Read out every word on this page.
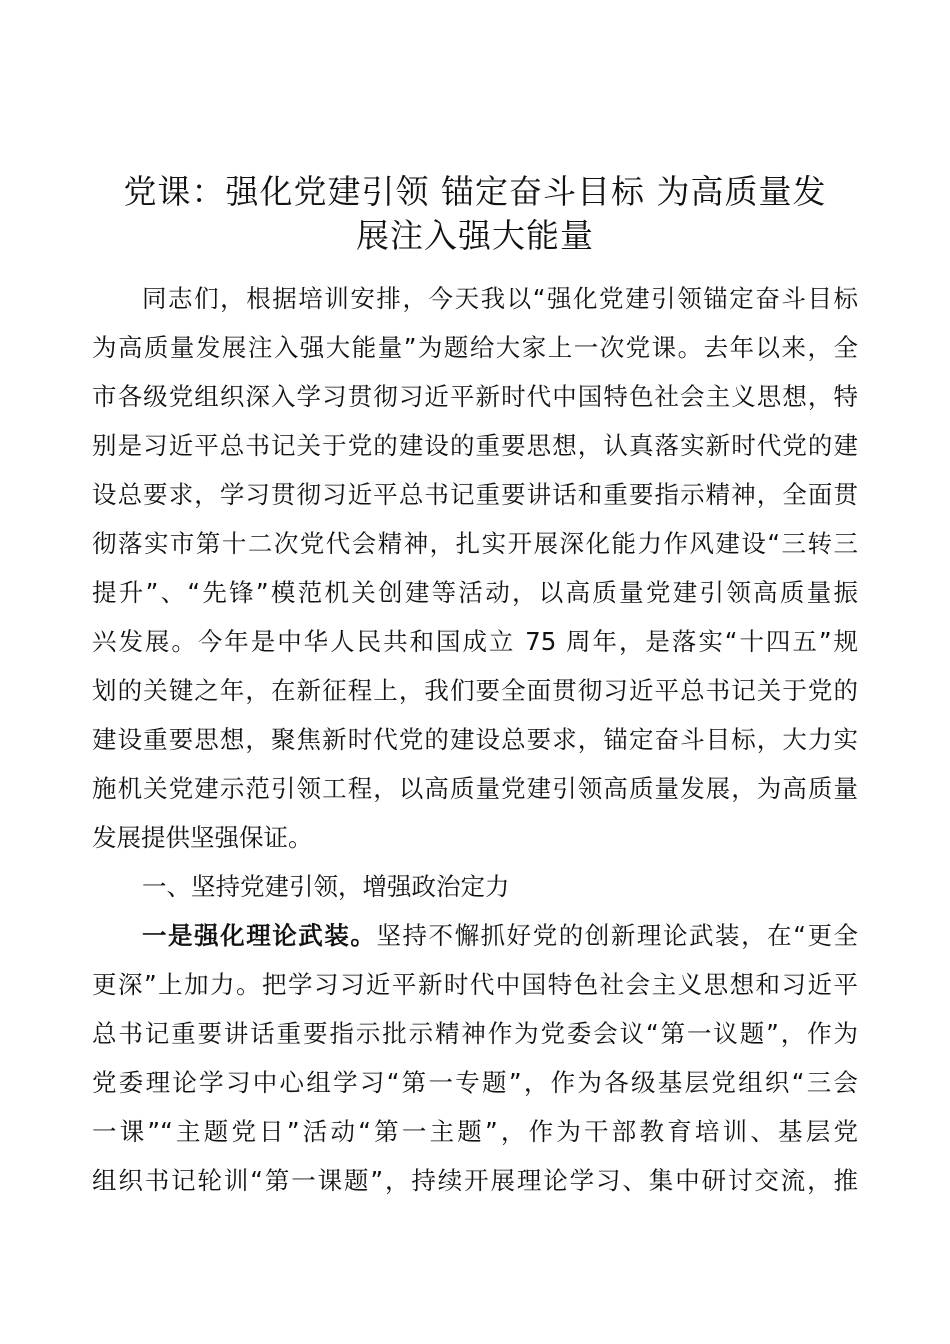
党课：强化党建引领 锚定奋斗目标 为高质量发
展注入强大能量
同志们，根据培训安排，今天我以“强化党建引领锚定奋斗目标
为高质量发展注入强大能量”为题给大家上一次党课。去年以来，全
市各级党组织深入学习贯彻习近平新时代中国特色社会主义思想，特
别是习近平总书记关于党的建设的重要思想，认真落实新时代党的建
设总要求，学习贯彻习近平总书记重要讲话和重要指示精神，全面贯
彻落实市第十二次党代会精神，扎实开展深化能力作风建设“三转三
提升”、“先锋”模范机关创建等活动，以高质量党建引领高质量振
兴发展。今年是中华人民共和国成立 75 周年，是落实“十四五”规
划的关键之年，在新征程上，我们要全面贯彻习近平总书记关于党的
建设重要思想，聚焦新时代党的建设总要求，锚定奋斗目标，大力实
施机关党建示范引领工程，以高质量党建引领高质量发展，为高质量
发展提供坚强保证。
一、坚持党建引领，增强政治定力
一是强化理论武装。坚持不懈抓好党的创新理论武装，在“更全
更深”上加力。把学习习近平新时代中国特色社会主义思想和习近平
总书记重要讲话重要指示批示精神作为党委会议“第一议题”，作为
党委理论学习中心组学习“第一专题”，作为各级基层党组织“三会
一课”“主题党日”活动“第一主题”，作为干部教育培训、基层党
组织书记轮训“第一课题”，持续开展理论学习、集中研讨交流，推
